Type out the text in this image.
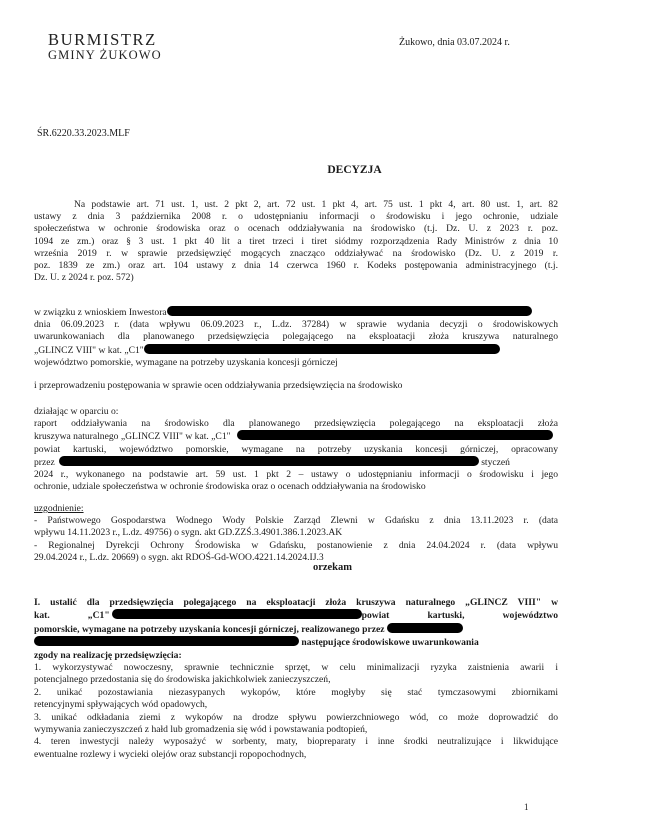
BURMISTRZ
GMINY ŻUKOWO
Żukowo, dnia 03.07.2024 r.
ŚR.6220.33.2023.MLF
DECYZJA
Na podstawie art. 71 ust. 1, ust. 2 pkt 2, art. 72 ust. 1 pkt 4, art. 75 ust. 1 pkt 4, art. 80 ust. 1, art. 82
ustawy z dnia 3 października 2008 r. o udostępnianiu informacji o środowisku i jego ochronie, udziale
społeczeństwa w ochronie środowiska oraz o ocenach oddziaływania na środowisko (t.j. Dz. U. z 2023 r. poz.
1094 ze zm.) oraz § 3 ust. 1 pkt 40 lit a tiret trzeci i tiret siódmy rozporządzenia Rady Ministrów z dnia 10
września 2019 r. w sprawie przedsięwzięć mogących znacząco oddziaływać na środowisko (Dz. U. z 2019 r.
poz. 1839 ze zm.) oraz art. 104 ustawy z dnia 14 czerwca 1960 r. Kodeks postępowania administracyjnego (t.j.
Dz. U. z 2024 r. poz. 572)
w związku z wnioskiem Inwestora
dnia 06.09.2023 r. (data wpływu 06.09.2023 r., L.dz. 37284) w sprawie wydania decyzji o środowiskowych
uwarunkowaniach dla planowanego przedsięwzięcia polegającego na eksploatacji złoża kruszywa naturalnego
„GLINCZ VIII" w kat. „C1"
województwo pomorskie, wymagane na potrzeby uzyskania koncesji górniczej
i przeprowadzeniu postępowania w sprawie ocen oddziaływania przedsięwzięcia na środowisko
działając w oparciu o:
raport oddziaływania na środowisko dla planowanego przedsięwzięcia polegającego na eksploatacji złoża
kruszywa naturalnego „GLINCZ VIII" w kat. „C1"
powiat kartuski, województwo pomorskie, wymagane na potrzeby uzyskania koncesji górniczej, opracowany
przez	styczeń
2024 r., wykonanego na podstawie art. 59 ust. 1 pkt 2 – ustawy o udostępnianiu informacji o środowisku i jego
ochronie, udziale społeczeństwa w ochronie środowiska oraz o ocenach oddziaływania na środowisko
uzgodnienie:
- Państwowego Gospodarstwa Wodnego Wody Polskie Zarząd Zlewni w Gdańsku z dnia 13.11.2023 r. (data
wpływu 14.11.2023 r., L.dz. 49756) o sygn. akt GD.ZZŚ.3.4901.386.1.2023.AK
- Regionalnej Dyrekcji Ochrony Środowiska w Gdańsku, postanowienie z dnia 24.04.2024 r. (data wpływu
29.04.2024 r., L.dz. 20669) o sygn. akt RDOŚ-Gd-WOO.4221.14.2024.IJ.3
orzekam
I. ustalić dla przedsięwzięcia polegającego na eksploatacji złoża kruszywa naturalnego „GLINCZ VIII" w
kat. „C1"	powiat kartuski, województwo
pomorskie, wymagane na potrzeby uzyskania koncesji górniczej, realizowanego przez
następujące środowiskowe uwarunkowania
zgody na realizację przedsięwzięcia:
1. wykorzystywać nowoczesny, sprawnie technicznie sprzęt, w celu minimalizacji ryzyka zaistnienia awarii i
potencjalnego przedostania się do środowiska jakichkolwiek zanieczyszczeń,
2. unikać pozostawiania niezasypanych wykopów, które mogłyby się stać tymczasowymi zbiornikami
retencyjnymi spływających wód opadowych,
3. unikać odkładania ziemi z wykopów na drodze spływu powierzchniowego wód, co może doprowadzić do
wymywania zanieczyszczeń z hałd lub gromadzenia się wód i powstawania podtopień,
4. teren inwestycji należy wyposażyć w sorbenty, maty, biopreparaty i inne środki neutralizujące i likwidujące
ewentualne rozlewy i wycieki olejów oraz substancji ropopochodnych,
1
